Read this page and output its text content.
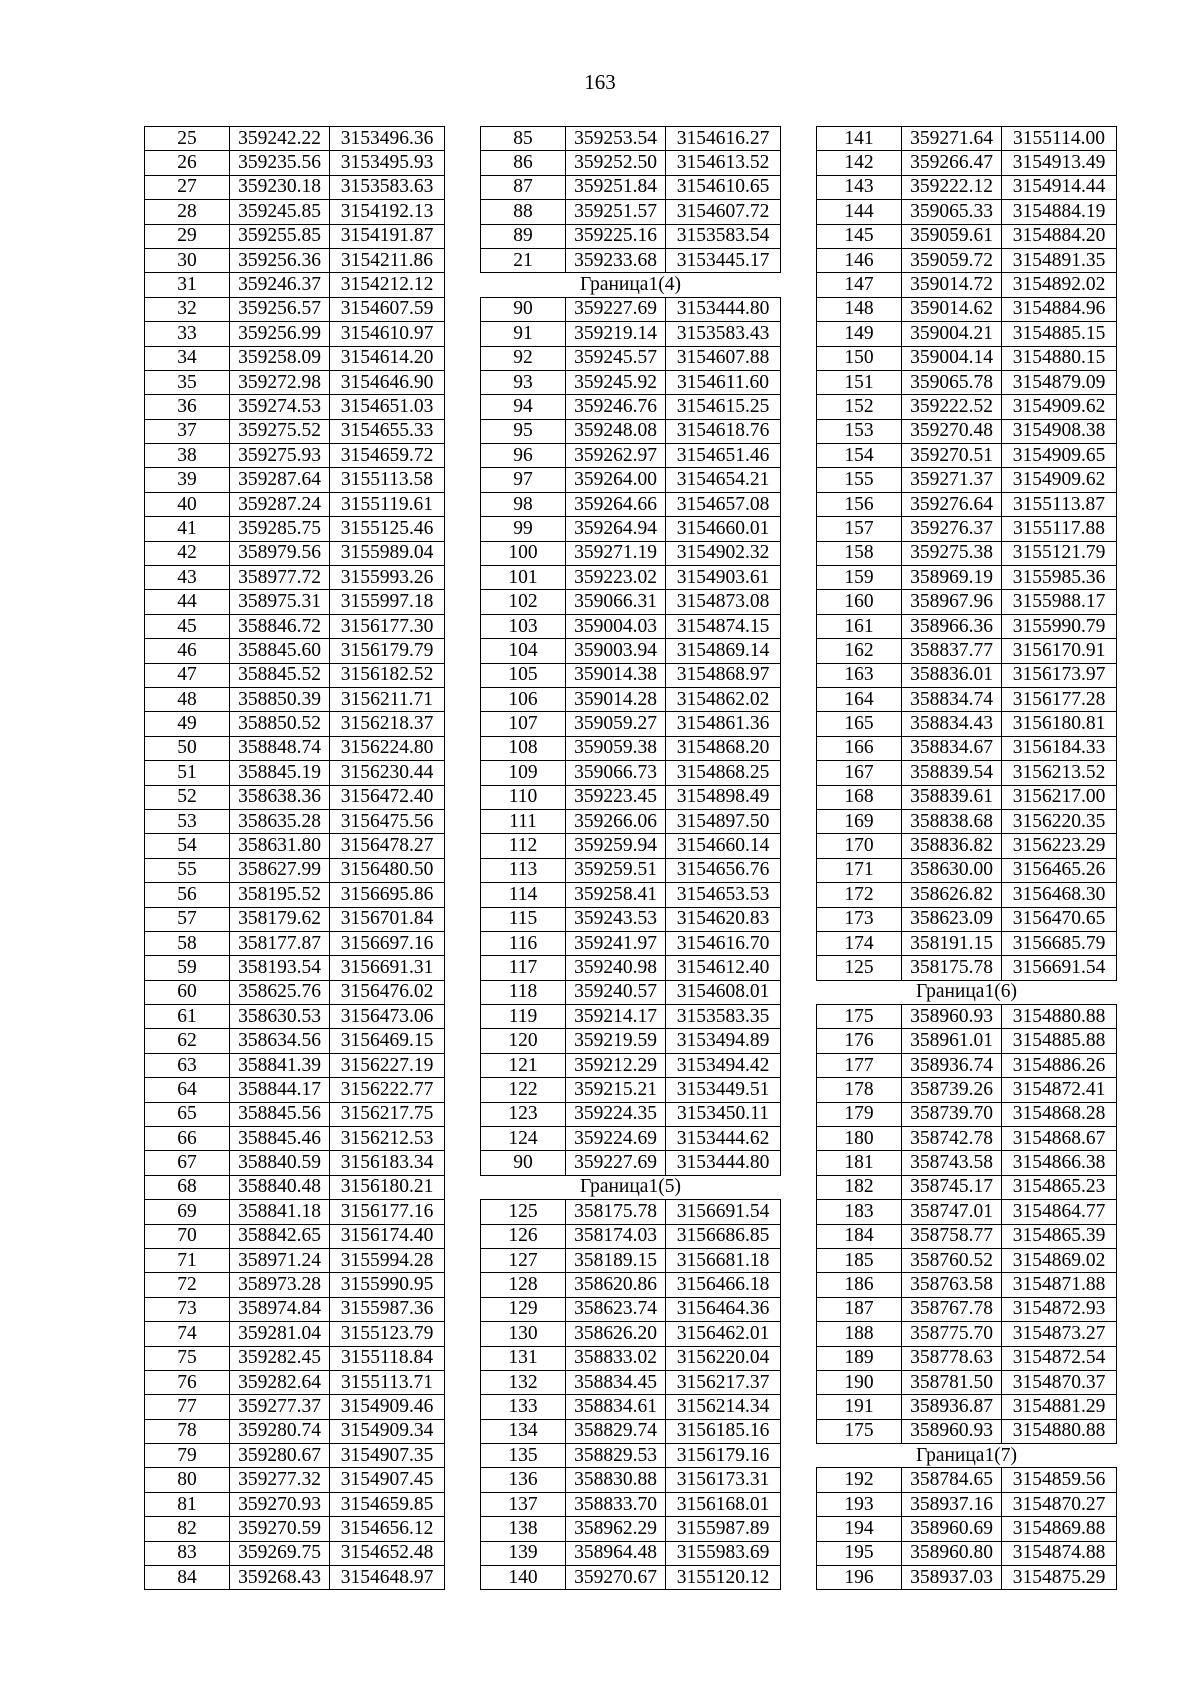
163
25	359242.22	3153496.36
26	359235.56	3153495.93
27	359230.18	3153583.63
28	359245.85	3154192.13
29	359255.85	3154191.87
30	359256.36	3154211.86
31	359246.37	3154212.12
32	359256.57	3154607.59
33	359256.99	3154610.97
34	359258.09	3154614.20
35	359272.98	3154646.90
36	359274.53	3154651.03
37	359275.52	3154655.33
38	359275.93	3154659.72
39	359287.64	3155113.58
40	359287.24	3155119.61
41	359285.75	3155125.46
42	358979.56	3155989.04
43	358977.72	3155993.26
44	358975.31	3155997.18
45	358846.72	3156177.30
46	358845.60	3156179.79
47	358845.52	3156182.52
48	358850.39	3156211.71
49	358850.52	3156218.37
50	358848.74	3156224.80
51	358845.19	3156230.44
52	358638.36	3156472.40
53	358635.28	3156475.56
54	358631.80	3156478.27
55	358627.99	3156480.50
56	358195.52	3156695.86
57	358179.62	3156701.84
58	358177.87	3156697.16
59	358193.54	3156691.31
60	358625.76	3156476.02
61	358630.53	3156473.06
62	358634.56	3156469.15
63	358841.39	3156227.19
64	358844.17	3156222.77
65	358845.56	3156217.75
66	358845.46	3156212.53
67	358840.59	3156183.34
68	358840.48	3156180.21
69	358841.18	3156177.16
70	358842.65	3156174.40
71	358971.24	3155994.28
72	358973.28	3155990.95
73	358974.84	3155987.36
74	359281.04	3155123.79
75	359282.45	3155118.84
76	359282.64	3155113.71
77	359277.37	3154909.46
78	359280.74	3154909.34
79	359280.67	3154907.35
80	359277.32	3154907.45
81	359270.93	3154659.85
82	359270.59	3154656.12
83	359269.75	3154652.48
84	359268.43	3154648.97
85	359253.54	3154616.27
86	359252.50	3154613.52
87	359251.84	3154610.65
88	359251.57	3154607.72
89	359225.16	3153583.54
21	359233.68	3153445.17
Граница1(4)		
90	359227.69	3153444.80
91	359219.14	3153583.43
92	359245.57	3154607.88
93	359245.92	3154611.60
94	359246.76	3154615.25
95	359248.08	3154618.76
96	359262.97	3154651.46
97	359264.00	3154654.21
98	359264.66	3154657.08
99	359264.94	3154660.01
100	359271.19	3154902.32
101	359223.02	3154903.61
102	359066.31	3154873.08
103	359004.03	3154874.15
104	359003.94	3154869.14
105	359014.38	3154868.97
106	359014.28	3154862.02
107	359059.27	3154861.36
108	359059.38	3154868.20
109	359066.73	3154868.25
110	359223.45	3154898.49
111	359266.06	3154897.50
112	359259.94	3154660.14
113	359259.51	3154656.76
114	359258.41	3154653.53
115	359243.53	3154620.83
116	359241.97	3154616.70
117	359240.98	3154612.40
118	359240.57	3154608.01
119	359214.17	3153583.35
120	359219.59	3153494.89
121	359212.29	3153494.42
122	359215.21	3153449.51
123	359224.35	3153450.11
124	359224.69	3153444.62
90	359227.69	3153444.80
Граница1(5)		
125	358175.78	3156691.54
126	358174.03	3156686.85
127	358189.15	3156681.18
128	358620.86	3156466.18
129	358623.74	3156464.36
130	358626.20	3156462.01
131	358833.02	3156220.04
132	358834.45	3156217.37
133	358834.61	3156214.34
134	358829.74	3156185.16
135	358829.53	3156179.16
136	358830.88	3156173.31
137	358833.70	3156168.01
138	358962.29	3155987.89
139	358964.48	3155983.69
140	359270.67	3155120.12
141	359271.64	3155114.00
142	359266.47	3154913.49
143	359222.12	3154914.44
144	359065.33	3154884.19
145	359059.61	3154884.20
146	359059.72	3154891.35
147	359014.72	3154892.02
148	359014.62	3154884.96
149	359004.21	3154885.15
150	359004.14	3154880.15
151	359065.78	3154879.09
152	359222.52	3154909.62
153	359270.48	3154908.38
154	359270.51	3154909.65
155	359271.37	3154909.62
156	359276.64	3155113.87
157	359276.37	3155117.88
158	359275.38	3155121.79
159	358969.19	3155985.36
160	358967.96	3155988.17
161	358966.36	3155990.79
162	358837.77	3156170.91
163	358836.01	3156173.97
164	358834.74	3156177.28
165	358834.43	3156180.81
166	358834.67	3156184.33
167	358839.54	3156213.52
168	358839.61	3156217.00
169	358838.68	3156220.35
170	358836.82	3156223.29
171	358630.00	3156465.26
172	358626.82	3156468.30
173	358623.09	3156470.65
174	358191.15	3156685.79
125	358175.78	3156691.54
Граница1(6)		
175	358960.93	3154880.88
176	358961.01	3154885.88
177	358936.74	3154886.26
178	358739.26	3154872.41
179	358739.70	3154868.28
180	358742.78	3154868.67
181	358743.58	3154866.38
182	358745.17	3154865.23
183	358747.01	3154864.77
184	358758.77	3154865.39
185	358760.52	3154869.02
186	358763.58	3154871.88
187	358767.78	3154872.93
188	358775.70	3154873.27
189	358778.63	3154872.54
190	358781.50	3154870.37
191	358936.87	3154881.29
175	358960.93	3154880.88
Граница1(7)		
192	358784.65	3154859.56
193	358937.16	3154870.27
194	358960.69	3154869.88
195	358960.80	3154874.88
196	358937.03	3154875.29
